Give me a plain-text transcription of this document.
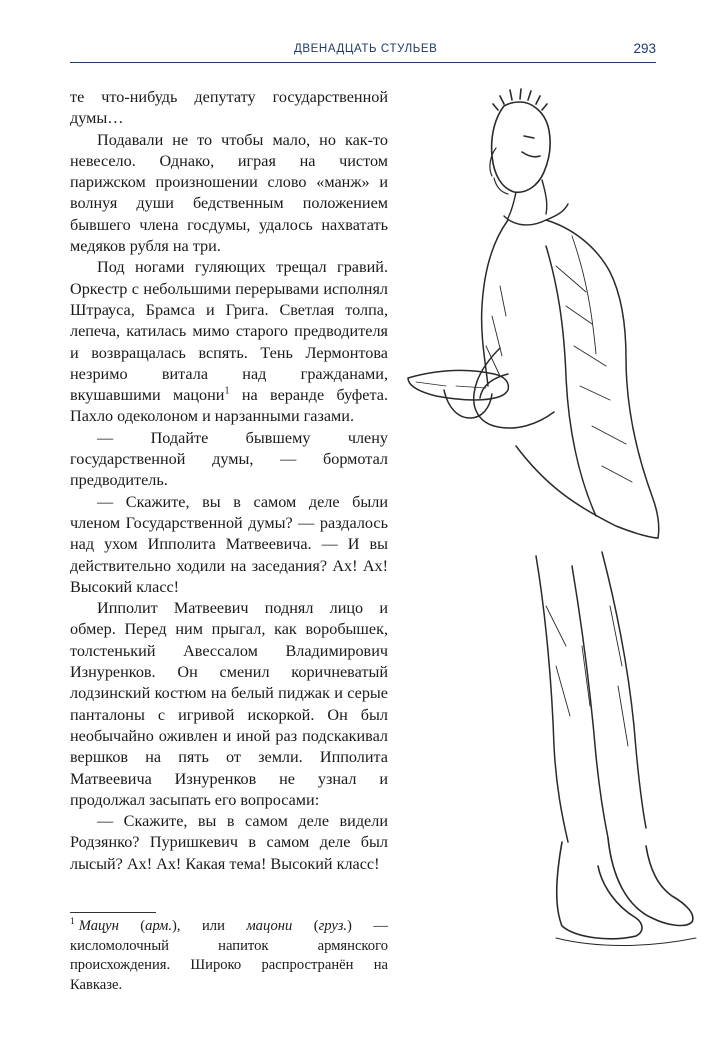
ДВЕНАДЦАТЬ СТУЛЬЕВ	293

те что-нибудь депутату государственной думы…

Подавали не то чтобы мало, но как-то невесело. Однако, играя на чистом парижском произношении слово «манж» и волнуя души бедственным положением бывшего члена госдумы, удалось нахватать медяков рубля на три.

Под ногами гуляющих трещал гравий. Оркестр с небольшими перерывами исполнял Штрауса, Брамса и Грига. Светлая толпа, лепеча, катилась мимо старого предводителя и возвращалась вспять. Тень Лермонтова незримо витала над гражданами, вкушавшими мацони$^1$ на веранде буфета. Пахло одеколоном и нарзанными газами.

— Подайте бывшему члену государственной думы, — бормотал предводитель.

— Скажите, вы в самом деле были членом Государственной думы? — раздалось над ухом Ипполита Матвеевича. — И вы действительно ходили на заседания? Ах! Ах! Высокий класс!

Ипполит Матвеевич поднял лицо и обмер. Перед ним прыгал, как воробышек, толстенький Авессалом Владимирович Изнуренков. Он сменил коричневатый лодзинский костюм на белый пиджак и серые панталоны с игривой искоркой. Он был необычайно оживлен и иной раз подскакивал вершков на пять от земли. Ипполита Матвеевича Изнуренков не узнал и продолжал засыпать его вопросами:

— Скажите, вы в самом деле видели Родзянко? Пуришкевич в самом деле был лысый? Ах! Ах! Какая тема! Высокий класс!

$^1$ Мацун (арм.), или мацони (груз.) — кисломолочный напиток армянского происхождения. Широко распространён на Кавказе.
